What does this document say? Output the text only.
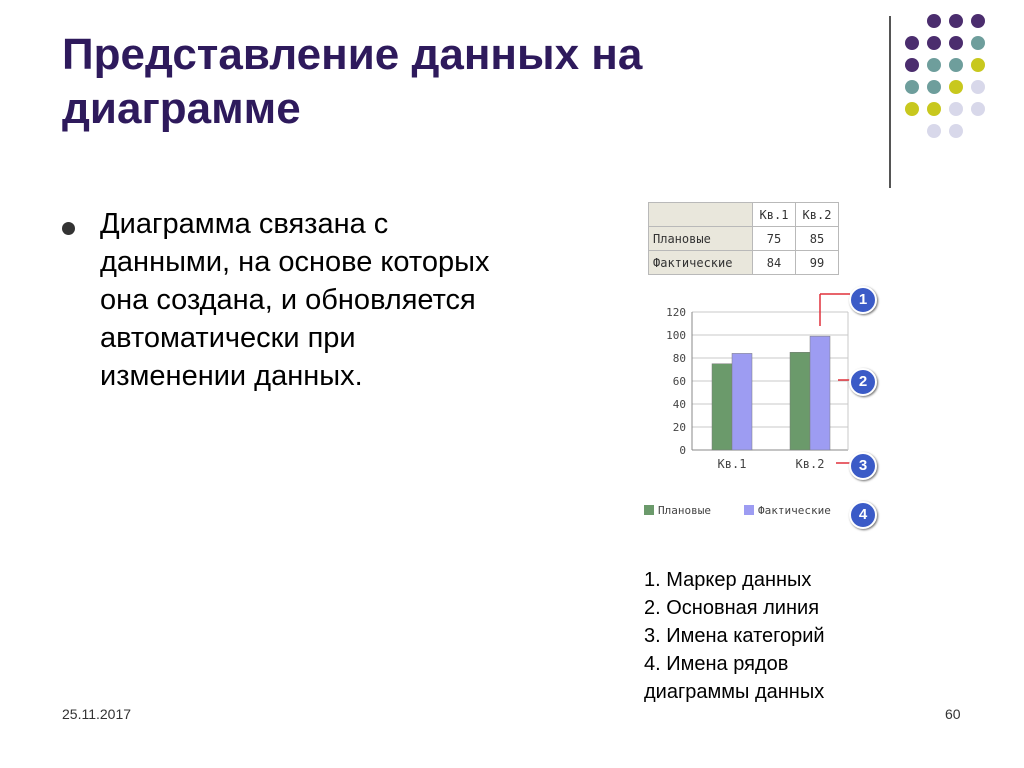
Представление данных на диаграмме

Диаграмма связана с данными, на основе которых она создана, и обновляется автоматически при изменении данных.

	Кв.1	Кв.2
Плановые	75	85
Фактические	84	99
0
20
40
60
80
100
120
Кв.1	Кв.2
Плановые	Фактические
1
2
3
4
1. Маркер данных
2. Основная линия
3. Имена категорий
4. Имена рядов
диаграммы данных
25.11.2017	60
